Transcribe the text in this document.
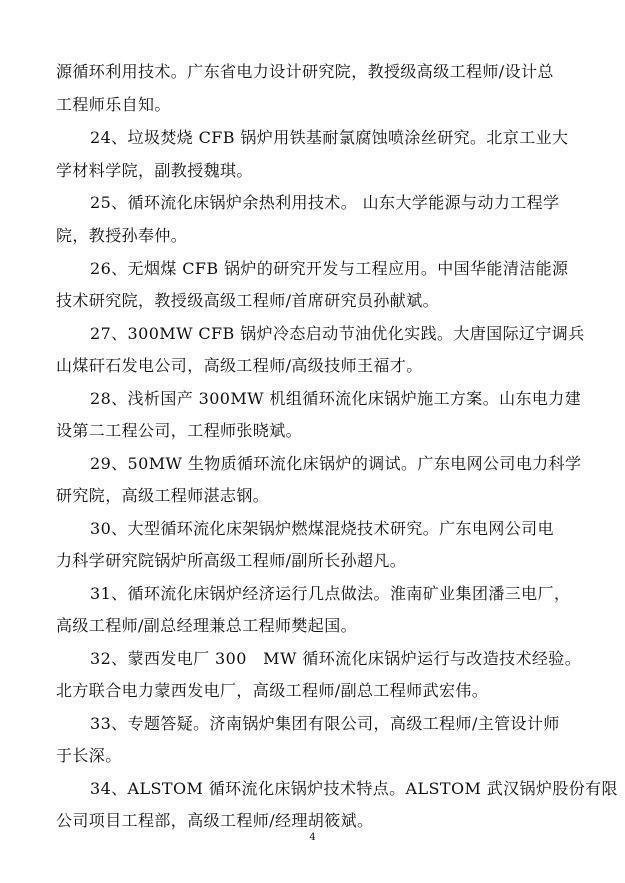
源循环利用技术。广东省电力设计研究院，教授级高级工程师/设计总
工程师乐自知。
24、垃圾焚烧 CFB 锅炉用铁基耐氯腐蚀喷涂丝研究。北京工业大
学材料学院，副教授魏琪。
25、循环流化床锅炉余热利用技术。 山东大学能源与动力工程学
院，教授孙奉仲。
26、无烟煤 CFB 锅炉的研究开发与工程应用。中国华能清洁能源
技术研究院，教授级高级工程师/首席研究员孙献斌。
27、300MW CFB 锅炉冷态启动节油优化实践。大唐国际辽宁调兵
山煤矸石发电公司，高级工程师/高级技师王福才。
28、浅析国产 300MW 机组循环流化床锅炉施工方案。山东电力建
设第二工程公司，工程师张晓斌。
29、50MW 生物质循环流化床锅炉的调试。广东电网公司电力科学
研究院，高级工程师湛志钢。
30、大型循环流化床架锅炉燃煤混烧技术研究。广东电网公司电
力科学研究院锅炉所高级工程师/副所长孙超凡。
31、循环流化床锅炉经济运行几点做法。淮南矿业集团潘三电厂，
高级工程师/副总经理兼总工程师樊起国。
32、蒙西发电厂 300　MW 循环流化床锅炉运行与改造技术经验。
北方联合电力蒙西发电厂，高级工程师/副总工程师武宏伟。
33、专题答疑。济南锅炉集团有限公司，高级工程师/主管设计师
于长深。
34、ALSTOM 循环流化床锅炉技术特点。ALSTOM 武汉锅炉股份有限
公司项目工程部，高级工程师/经理胡筱斌。
4
